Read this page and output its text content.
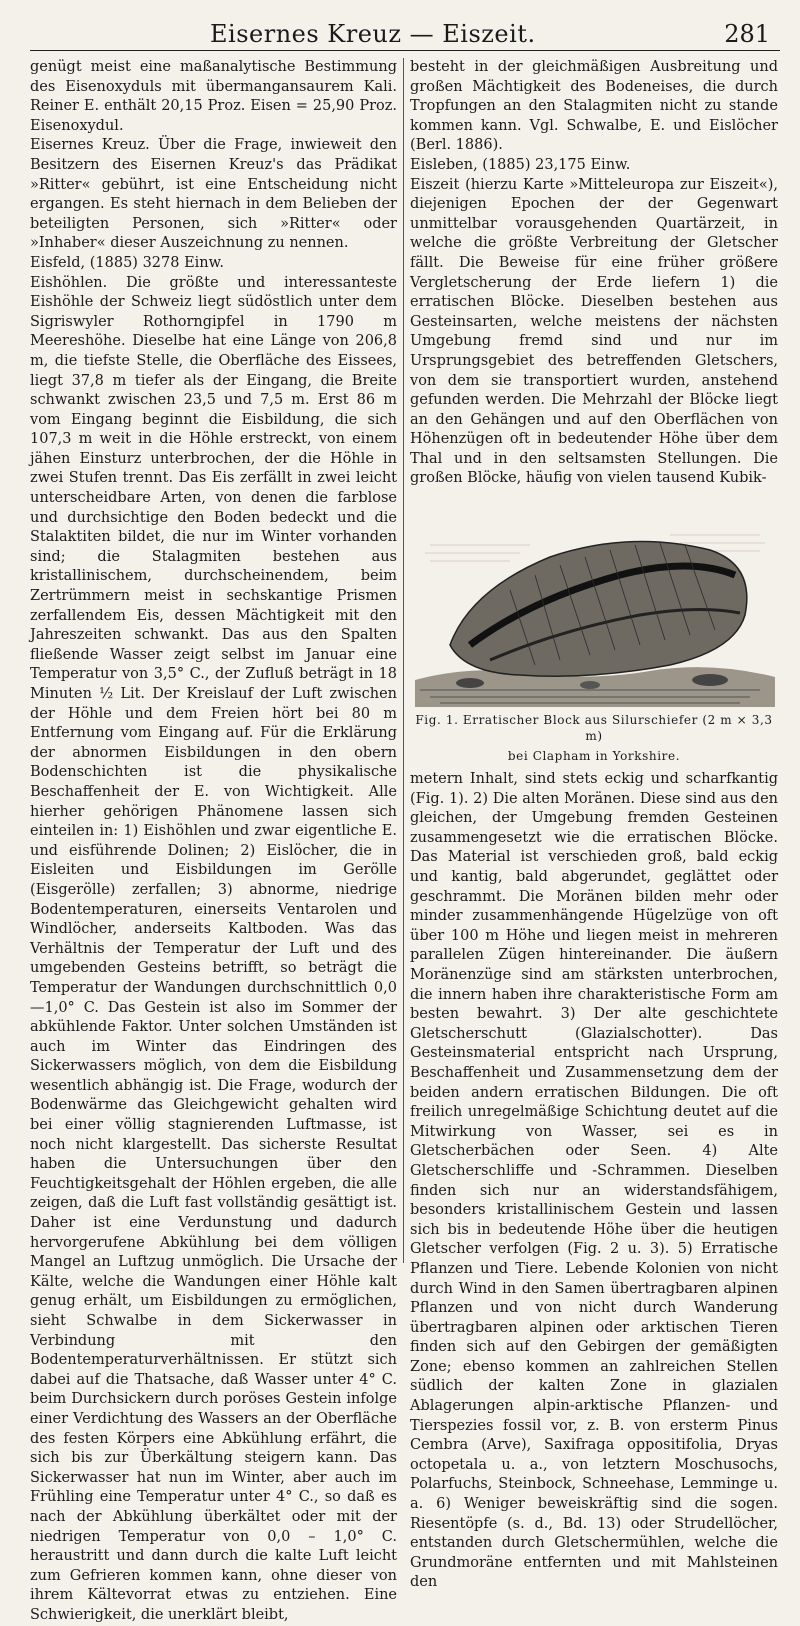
Eisernes Kreuz — Eiszeit.	281

genügt meist eine maßanalytische Bestimmung des Eisenoxyduls mit übermangansaurem Kali. Reiner E. enthält 20,15 Proz. Eisen = 25,90 Proz. Eisenoxydul.

Eisernes Kreuz. Über die Frage, inwieweit den Besitzern des Eisernen Kreuz's das Prädikat »Ritter« gebührt, ist eine Entscheidung nicht ergangen. Es steht hiernach in dem Belieben der beteiligten Personen, sich »Ritter« oder »Inhaber« dieser Auszeichnung zu nennen.

Eisfeld, (1885) 3278 Einw.

Eishöhlen. Die größte und interessanteste Eishöhle der Schweiz liegt südöstlich unter dem Sigriswyler Rothorngipfel in 1790 m Meereshöhe. Dieselbe hat eine Länge von 206,8 m, die tiefste Stelle, die Oberfläche des Eissees, liegt 37,8 m tiefer als der Eingang, die Breite schwankt zwischen 23,5 und 7,5 m. Erst 86 m vom Eingang beginnt die Eisbildung, die sich 107,3 m weit in die Höhle erstreckt, von einem jähen Einsturz unterbrochen, der die Höhle in zwei Stufen trennt. Das Eis zerfällt in zwei leicht unterscheidbare Arten, von denen die farblose und durchsichtige den Boden bedeckt und die Stalaktiten bildet, die nur im Winter vorhanden sind; die Stalagmiten bestehen aus kristallinischem, durchscheinendem, beim Zertrümmern meist in sechskantige Prismen zerfallendem Eis, dessen Mächtigkeit mit den Jahreszeiten schwankt. Das aus den Spalten fließende Wasser zeigt selbst im Januar eine Temperatur von 3,5° C., der Zufluß beträgt in 18 Minuten ½ Lit. Der Kreislauf der Luft zwischen der Höhle und dem Freien hört bei 80 m Entfernung vom Eingang auf. Für die Erklärung der abnormen Eisbildungen in den obern Bodenschichten ist die physikalische Beschaffenheit der E. von Wichtigkeit. Alle hierher gehörigen Phänomene lassen sich einteilen in: 1) Eishöhlen und zwar eigentliche E. und eisführende Dolinen; 2) Eislöcher, die in Eisleiten und Eisbildungen im Gerölle (Eisgerölle) zerfallen; 3) abnorme, niedrige Bodentemperaturen, einerseits Ventarolen und Windlöcher, anderseits Kaltboden. Was das Verhältnis der Temperatur der Luft und des umgebenden Gesteins betrifft, so beträgt die Temperatur der Wandungen durchschnittlich 0,0—1,0° C. Das Gestein ist also im Sommer der abkühlende Faktor. Unter solchen Umständen ist auch im Winter das Eindringen des Sickerwassers möglich, von dem die Eisbildung wesentlich abhängig ist. Die Frage, wodurch der Bodenwärme das Gleichgewicht gehalten wird bei einer völlig stagnierenden Luftmasse, ist noch nicht klargestellt. Das sicherste Resultat haben die Untersuchungen über den Feuchtigkeitsgehalt der Höhlen ergeben, die alle zeigen, daß die Luft fast vollständig gesättigt ist. Daher ist eine Verdunstung und dadurch hervorgerufene Abkühlung bei dem völligen Mangel an Luftzug unmöglich. Die Ursache der Kälte, welche die Wandungen einer Höhle kalt genug erhält, um Eisbildungen zu ermöglichen, sieht Schwalbe in dem Sickerwasser in Verbindung mit den Bodentemperaturverhältnissen. Er stützt sich dabei auf die Thatsache, daß Wasser unter 4° C. beim Durchsickern durch poröses Gestein infolge einer Verdichtung des Wassers an der Oberfläche des festen Körpers eine Abkühlung erfährt, die sich bis zur Überkältung steigern kann. Das Sickerwasser hat nun im Winter, aber auch im Frühling eine Temperatur unter 4° C., so daß es nach der Abkühlung überkältet oder mit der niedrigen Temperatur von 0,0 – 1,0° C. heraustritt und dann durch die kalte Luft leicht zum Gefrieren kommen kann, ohne dieser von ihrem Kältevorrat etwas zu entziehen. Eine Schwierigkeit, die unerklärt bleibt,

besteht in der gleichmäßigen Ausbreitung und großen Mächtigkeit des Bodeneises, die durch Tropfungen an den Stalagmiten nicht zu stande kommen kann. Vgl. Schwalbe, E. und Eislöcher (Berl. 1886).

Eisleben, (1885) 23,175 Einw.

Eiszeit (hierzu Karte »Mitteleuropa zur Eiszeit«), diejenigen Epochen der der Gegenwart unmittelbar vorausgehenden Quartärzeit, in welche die größte Verbreitung der Gletscher fällt. Die Beweise für eine früher größere Vergletscherung der Erde liefern 1) die erratischen Blöcke. Dieselben bestehen aus Gesteinsarten, welche meistens der nächsten Umgebung fremd sind und nur im Ursprungsgebiet des betreffenden Gletschers, von dem sie transportiert wurden, anstehend gefunden werden. Die Mehrzahl der Blöcke liegt an den Gehängen und auf den Oberflächen von Höhenzügen oft in bedeutender Höhe über dem Thal und in den seltsamsten Stellungen. Die großen Blöcke, häufig von vielen tausend Kubik-

Fig. 1. Erratischer Block aus Silurschiefer (2 m × 3,3 m)
bei Clapham in Yorkshire.

metern Inhalt, sind stets eckig und scharfkantig (Fig. 1). 2) Die alten Moränen. Diese sind aus den gleichen, der Umgebung fremden Gesteinen zusammengesetzt wie die erratischen Blöcke. Das Material ist verschieden groß, bald eckig und kantig, bald abgerundet, geglättet oder geschrammt. Die Moränen bilden mehr oder minder zusammenhängende Hügelzüge von oft über 100 m Höhe und liegen meist in mehreren parallelen Zügen hintereinander. Die äußern Moränenzüge sind am stärksten unterbrochen, die innern haben ihre charakteristische Form am besten bewahrt. 3) Der alte geschichtete Gletscherschutt (Glazialschotter). Das Gesteinsmaterial entspricht nach Ursprung, Beschaffenheit und Zusammensetzung dem der beiden andern erratischen Bildungen. Die oft freilich unregelmäßige Schichtung deutet auf die Mitwirkung von Wasser, sei es in Gletscherbächen oder Seen. 4) Alte Gletscherschliffe und -Schrammen. Dieselben finden sich nur an widerstandsfähigem, besonders kristallinischem Gestein und lassen sich bis in bedeutende Höhe über die heutigen Gletscher verfolgen (Fig. 2 u. 3). 5) Erratische Pflanzen und Tiere. Lebende Kolonien von nicht durch Wind in den Samen übertragbaren alpinen Pflanzen und von nicht durch Wanderung übertragbaren alpinen oder arktischen Tieren finden sich auf den Gebirgen der gemäßigten Zone; ebenso kommen an zahlreichen Stellen südlich der kalten Zone in glazialen Ablagerungen alpin-arktische Pflanzen- und Tierspezies fossil vor, z. B. von ersterm Pinus Cembra (Arve), Saxifraga oppositifolia, Dryas octopetala u. a., von letztern Moschusochs, Polarfuchs, Steinbock, Schneehase, Lemminge u. a. 6) Weniger beweiskräftig sind die sogen. Riesentöpfe (s. d., Bd. 13) oder Strudellöcher, entstanden durch Gletschermühlen, welche die Grundmoräne entfernten und mit Mahlsteinen den
